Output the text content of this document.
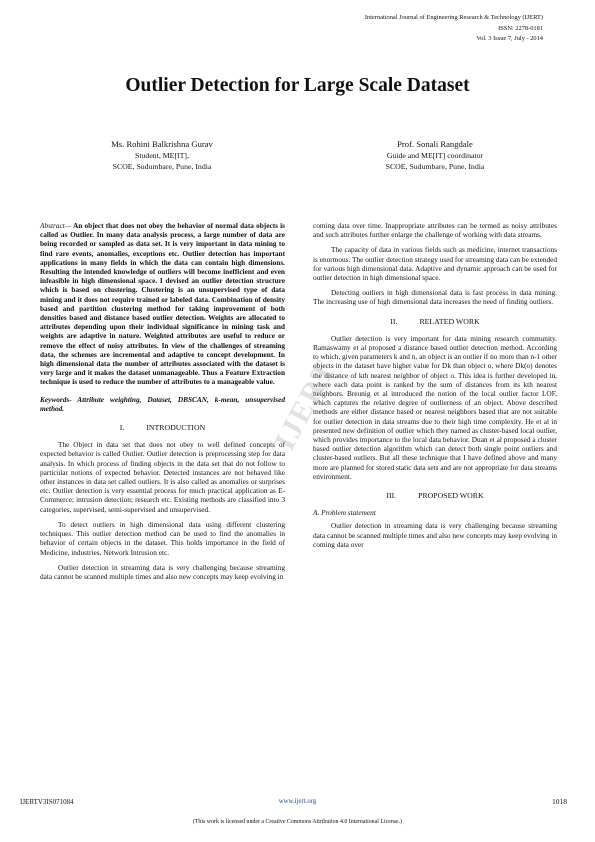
International Journal of Engineering Research & Technology (IJERT)
ISSN: 2278-0181
Vol. 3 Issue 7, July - 2014
Outlier Detection for Large Scale Dataset
Ms. Rohini Balkrishna Gurav
Student, ME[IT],
SCOE, Sudumbare, Pune, India
Prof. Sonali Rangdale
Guide and ME[IT] coordinator
SCOE, Sudumbare, Pune, India

Abstract— An object that does not obey the behavior of normal data objects is called as Outlier. In many data analysis process, a large number of data are being recorded or sampled as data set. It is very important in data mining to find rare events, anomalies, exceptions etc. Outlier detection has important applications in many fields in which the data can contain high dimensions. Resulting the intended knowledge of outliers will become inefficient and even infeasible in high dimensional space. I devised an outlier detection structure which is based on clustering. Clustering is an unsupervised type of data mining and it does not require trained or labeled data. Combination of density based and partition clustering method for taking improvement of both densities based and distance based outlier detection. Weights are allocated to attributes depending upon their individual significance in mining task and weights are adaptive in nature. Weighted attributes are useful to reduce or remove the effect of noisy attributes. In view of the challenges of streaming data, the schemes are incremental and adaptive to concept development. In high dimensional data the number of attributes associated with the dataset is very large and it makes the dataset unmanageable. Thus a Feature Extraction technique is used to reduce the number of attributes to a manageable value.

Keywords- Attribute weighting, Dataset, DBSCAN, k-mean, unsupervised method.

I.	INTRODUCTION

The Object in data set that does not obey to well defined concepts of expected behavior is called Outlier. Outlier detection is preprocessing step for data analysis. In which process of finding objects in the data set that do not follow to particular notions of expected behavior. Detected instances are not behaved like other instances in data set called outliers. It is also called as anomalies or surprises etc. Outlier detection is very essential process for much practical application as E-Commerce; intrusion detection; research etc. Existing methods are classified into 3 categories, supervised, semi-supervised and unsupervised.

To detect outliers in high dimensional data using different clustering techniques. This outlier detection method can be used to find the anomalies in behavior of certain objects in the dataset. This holds importance in the field of Medicine, industries, Network Intrusion etc.

Outlier detection in streaming data is very challenging because streaming data cannot be scanned multiple times and also new concepts may keep evolving in

coming data over time. Inappropriate attributes can be termed as noisy attributes and such attributes further enlarge the challenge of working with data streams.

The capacity of data in various fields such as medicine, internet transactions is enormous. The outlier detection strategy used for streaming data can be extended for various high dimensional data. Adaptive and dynamic approach can be used for outlier detection in high dimensional space.

Detecting outliers in high dimensional data is fast process in data mining. The increasing use of high dimensional data increases the need of finding outliers.

II.	RELATED WORK

Outlier detection is very important for data mining research community. Ramaswamy et al proposed a distance based outlier detection method. According to which, given parameters k and n, an object is an outlier if no more than n-1 other objects in the dataset have higher value for Dk than object o, where Dk(o) denotes the distance of kth nearest neighbor of object o. This idea is further developed in, where each data point is ranked by the sum of distances from its kth nearest neighbors. Breunig et al introduced the notion of the local outlier factor LOF, which captures the relative degree of outlierness of an object. Above described methods are either distance based or nearest neighbors based that are not suitable for outlier detection in data streams due to their high time complexity. He et al in presented new definition of outlier which they named as cluster-based local outlier, which provides importance to the local data behavior. Duan et al proposed a cluster based outlier detection algorithm which can detect both single point outliers and cluster-based outliers. But all these technique that I have defined above and many more are planned for stored static data sets and are not appropriate for data streams environment.

III.	PROPOSED WORK
A. Problem statement

Outlier detection in streaming data is very challenging because streaming data cannot be scanned multiple times and also new concepts may keep evolving in coming data over

IJERT
IJERTV3IS071084	www.ijert.org	1018
(This work is licensed under a Creative Commons Attribution 4.0 International License.)
